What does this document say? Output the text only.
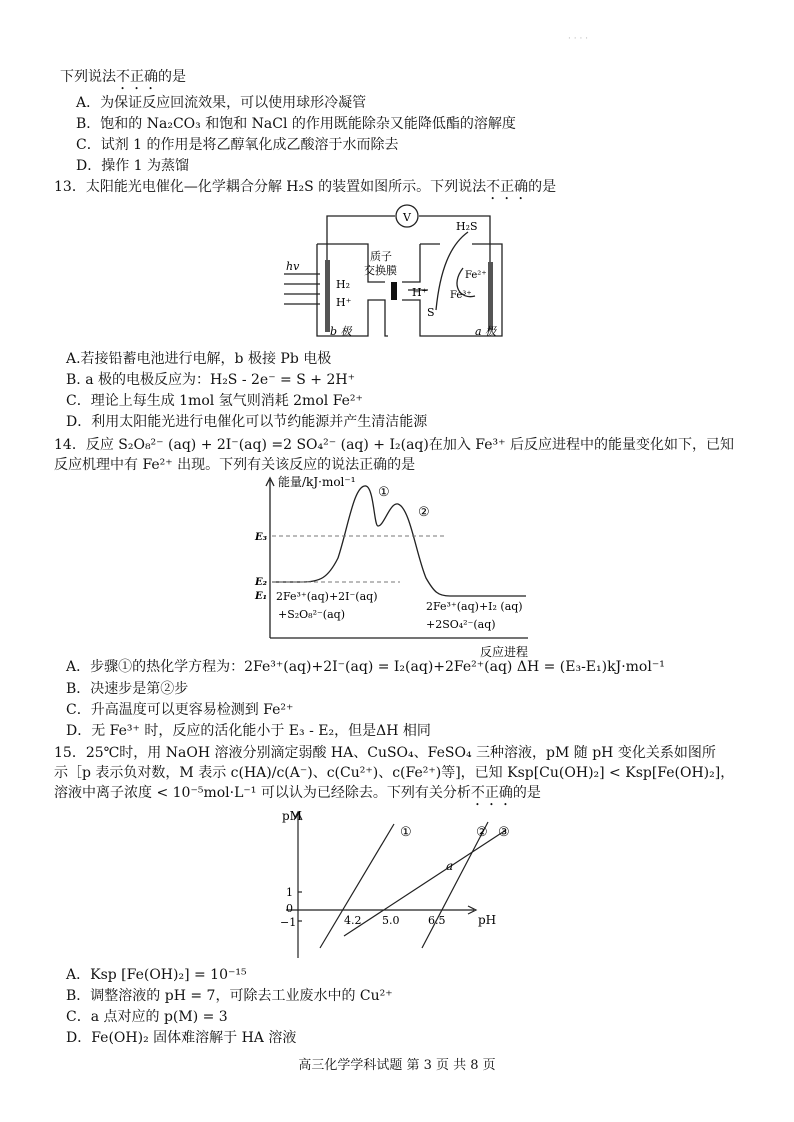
· · · ·
下列说法不正确的是
A．为保证反应回流效果，可以使用球形冷凝管
B．饱和的 Na₂CO₃ 和饱和 NaCl 的作用既能除杂又能降低酯的溶解度
C．试剂 1 的作用是将乙醇氧化成乙酸溶于水而除去
D．操作 1 为蒸馏
13．太阳能光电催化—化学耦合分解 H₂S 的装置如图所示。下列说法不正确的是
V
hv
H₂
H⁺
质子
交换膜
H⁺
H₂S
Fe²⁺
Fe³⁺
S
b 极	a 极
A.若接铅蓄电池进行电解，b 极接 Pb 电极
B. a 极的电极反应为：H₂S - 2e⁻ = S + 2H⁺
C．理论上每生成 1mol 氢气则消耗 2mol Fe²⁺
D．利用太阳能光进行电催化可以节约能源并产生清洁能源
14．反应 S₂O₈²⁻ (aq) + 2I⁻(aq) =2 SO₄²⁻ (aq) + I₂(aq)在加入 Fe³⁺ 后反应进程中的能量变化如下，已知
反应机理中有 Fe²⁺ 出现。下列有关该反应的说法正确的是
能量/kJ·mol⁻¹
①
②
E₃
E₂
E₁ 2Fe³⁺(aq)+2I⁻(aq)
+S₂O₈²⁻(aq)
2Fe³⁺(aq)+I₂ (aq)
+2SO₄²⁻(aq)
反应进程
A．步骤①的热化学方程为：2Fe³⁺(aq)+2I⁻(aq) = I₂(aq)+2Fe²⁺(aq) ΔH = (E₃-E₁)kJ·mol⁻¹
B．决速步是第②步
C．升高温度可以更容易检测到 Fe²⁺
D．无 Fe³⁺ 时，反应的活化能小于 E₃ - E₂，但是ΔH 相同
15．25℃时，用 NaOH 溶液分别滴定弱酸 HA、CuSO₄、FeSO₄ 三种溶液，pM 随 pH 变化关系如图所
示［p 表示负对数，M 表示 c(HA)/c(A⁻)、c(Cu²⁺)、c(Fe²⁺)等]，已知 Ksp[Cu(OH)₂] < Ksp[Fe(OH)₂]，
溶液中离子浓度 < 10⁻⁵mol·L⁻¹ 可以认为已经除去。下列有关分析不正确的是
pM
pH
①	② ③
a
1
0
−1	4.2 5.0	6.5
A．Ksp [Fe(OH)₂] = 10⁻¹⁵
B．调整溶液的 pH = 7，可除去工业废水中的 Cu²⁺
C．a 点对应的 p(M) = 3
D．Fe(OH)₂ 固体难溶解于 HA 溶液
高三化学学科试题 第 3 页 共 8 页
